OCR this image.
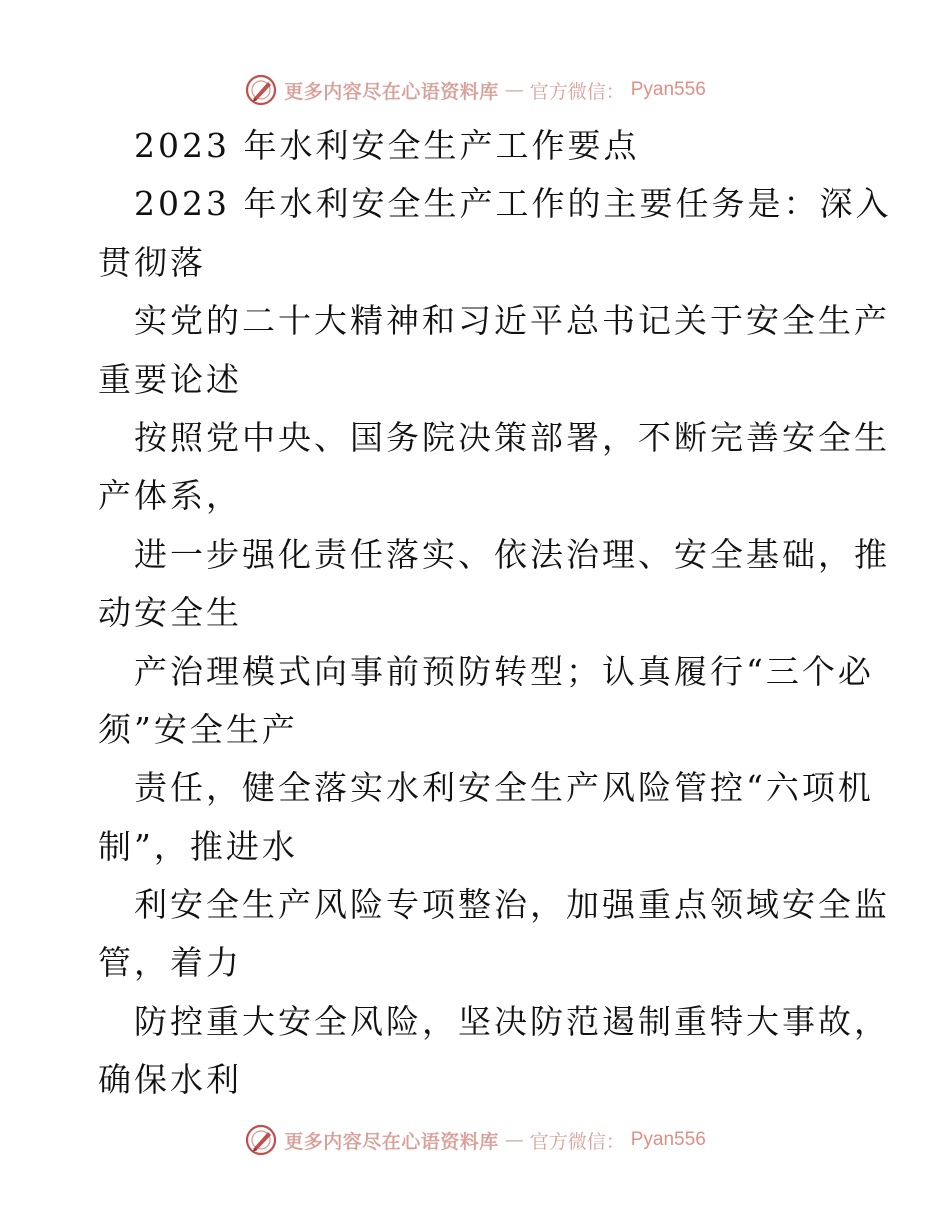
更多内容尽在心语资料库 — 官方微信： Pyan556
2023 年水利安全生产工作要点
2023 年水利安全生产工作的主要任务是：深入
贯彻落
实党的二十大精神和习近平总书记关于安全生产
重要论述
按照党中央、国务院决策部署，不断完善安全生
产体系，
进一步强化责任落实、依法治理、安全基础，推
动安全生
产治理模式向事前预防转型；认真履行“三个必
须”安全生产
责任，健全落实水利安全生产风险管控“六项机
制”，推进水
利安全生产风险专项整治，加强重点领域安全监
管，着力
防控重大安全风险，坚决防范遏制重特大事故，
确保水利
更多内容尽在心语资料库 — 官方微信： Pyan556
